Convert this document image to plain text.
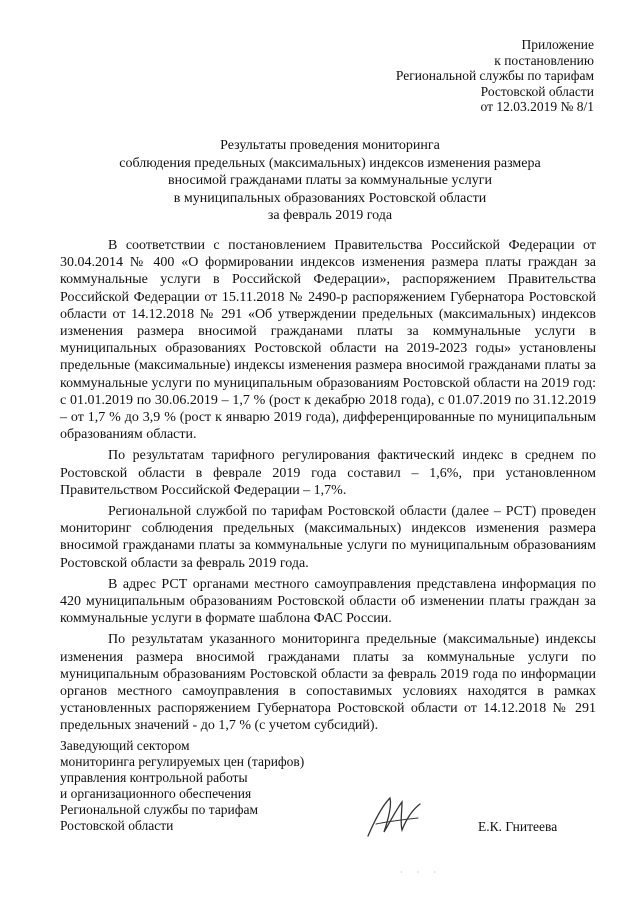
Приложение
к постановлению
Региональной службы по тарифам
Ростовской области
от 12.03.2019 № 8/1
Результаты проведения мониторинга
соблюдения предельных (максимальных) индексов изменения размера
вносимой гражданами платы за коммунальные услуги
в муниципальных образованиях Ростовской области
за февраль 2019 года

В соответствии с постановлением Правительства Российской Федерации от 30.04.2014 № 400 «О формировании индексов изменения размера платы граждан за коммунальные услуги в Российской Федерации», распоряжением Правительства Российской Федерации от 15.11.2018 № 2490-р распоряжением Губернатора Ростовской области от 14.12.2018 № 291 «Об утверждении предельных (максимальных) индексов изменения размера вносимой гражданами платы за коммунальные услуги в муниципальных образованиях Ростовской области на 2019-2023 годы» установлены предельные (максимальные) индексы изменения размера вносимой гражданами платы за коммунальные услуги по муниципальным образованиям Ростовской области на 2019 год: с 01.01.2019 по 30.06.2019 – 1,7 % (рост к декабрю 2018 года), с 01.07.2019 по 31.12.2019 – от 1,7 % до 3,9 % (рост к январю 2019 года), дифференцированные по муниципальным образованиям области.

По результатам тарифного регулирования фактический индекс в среднем по Ростовской области в феврале 2019 года составил – 1,6%, при установленном Правительством Российской Федерации – 1,7%.

Региональной службой по тарифам Ростовской области (далее – РСТ) проведен мониторинг соблюдения предельных (максимальных) индексов изменения размера вносимой гражданами платы за коммунальные услуги по муниципальным образованиям Ростовской области за февраль 2019 года.

В адрес РСТ органами местного самоуправления представлена информация по 420 муниципальным образованиям Ростовской области об изменении платы граждан за коммунальные услуги в формате шаблона ФАС России.

По результатам указанного мониторинга предельные (максимальные) индексы изменения размера вносимой гражданами платы за коммунальные услуги по муниципальным образованиям Ростовской области за февраль 2019 года по информации органов местного самоуправления в сопоставимых условиях находятся в рамках установленных распоряжением Губернатора Ростовской области от 14.12.2018 № 291 предельных значений - до 1,7 % (с учетом субсидий).

Заведующий сектором
мониторинга регулируемых цен (тарифов)
управления контрольной работы
и организационного обеспечения
Региональной службы по тарифам
Ростовской области	Е.К. Гнитеева
· · ·
